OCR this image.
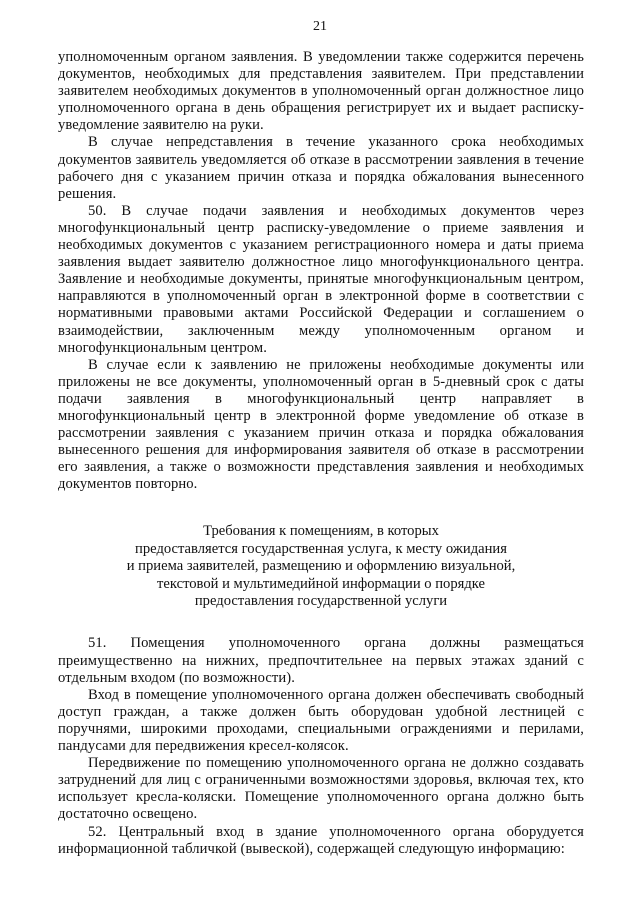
21

уполномоченным органом заявления. В уведомлении также содержится перечень документов, необходимых для представления заявителем. При представлении заявителем необходимых документов в уполномоченный орган должностное лицо уполномоченного органа в день обращения регистрирует их и выдает расписку-уведомление заявителю на руки.

В случае непредставления в течение указанного срока необходимых документов заявитель уведомляется об отказе в рассмотрении заявления в течение рабочего дня с указанием причин отказа и порядка обжалования вынесенного решения.

50. В случае подачи заявления и необходимых документов через многофункциональный центр расписку-уведомление о приеме заявления и необходимых документов с указанием регистрационного номера и даты приема заявления выдает заявителю должностное лицо многофункционального центра. Заявление и необходимые документы, принятые многофункциональным центром, направляются в уполномоченный орган в электронной форме в соответствии с нормативными правовыми актами Российской Федерации и соглашением о взаимодействии, заключенным между уполномоченным органом и многофункциональным центром.

В случае если к заявлению не приложены необходимые документы или приложены не все документы, уполномоченный орган в 5-дневный срок с даты подачи заявления в многофункциональный центр направляет в многофункциональный центр в электронной форме уведомление об отказе в рассмотрении заявления с указанием причин отказа и порядка обжалования вынесенного решения для информирования заявителя об отказе в рассмотрении его заявления, а также о возможности представления заявления и необходимых документов повторно.

Требования к помещениям, в которых
предоставляется государственная услуга, к месту ожидания
и приема заявителей, размещению и оформлению визуальной,
текстовой и мультимедийной информации о порядке
предоставления государственной услуги

51. Помещения уполномоченного органа должны размещаться преимущественно на нижних, предпочтительнее на первых этажах зданий с отдельным входом (по возможности).

Вход в помещение уполномоченного органа должен обеспечивать свободный доступ граждан, а также должен быть оборудован удобной лестницей с поручнями, широкими проходами, специальными ограждениями и перилами, пандусами для передвижения кресел-колясок.

Передвижение по помещению уполномоченного органа не должно создавать затруднений для лиц с ограниченными возможностями здоровья, включая тех, кто использует кресла-коляски. Помещение уполномоченного органа должно быть достаточно освещено.

52. Центральный вход в здание уполномоченного органа оборудуется информационной табличкой (вывеской), содержащей следующую информацию:
